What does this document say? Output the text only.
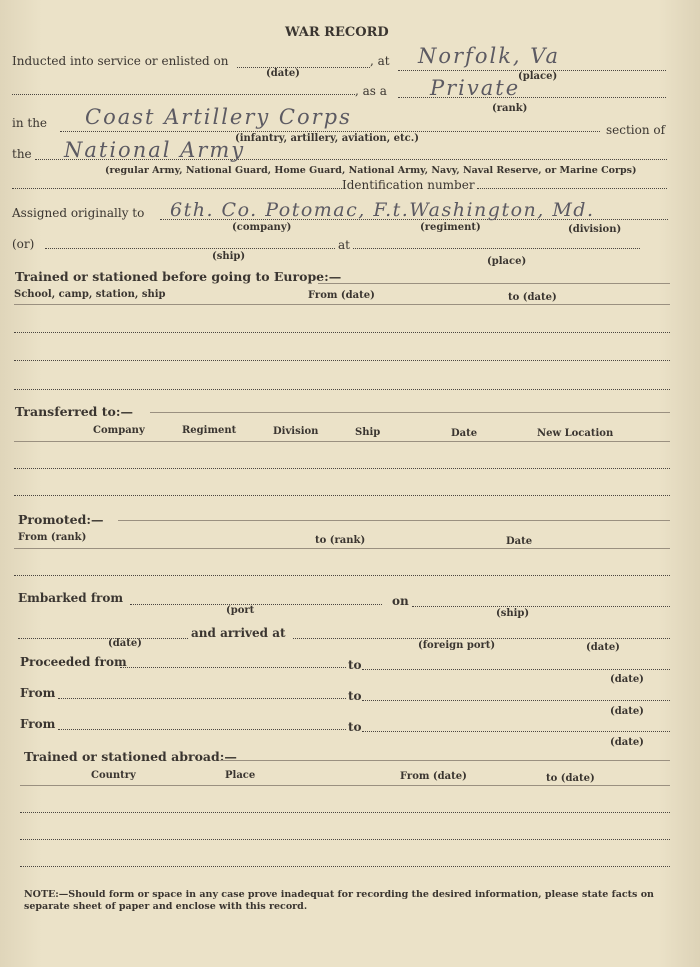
WAR RECORD
Inducted into service or enlisted on	, at Norfolk, Va
(date)	(place)
, as a Private
(rank)
in the Coast Artillery Corps
section of
(infantry, artillery, aviation, etc.)
the National Army
(regular Army, National Guard, Home Guard, National Army, Navy, Naval Reserve, or Marine Corps)
Identification number
Assigned originally to 6th. Co. Potomac, F.t.Washington, Md.
(company)	(regiment)	(division)
(or)	at
(ship)	(place)
Trained or stationed before going to Europe:—
School, camp, station, ship	From (date)	to (date)
Transferred to:—
Company	Regiment	Division	Ship	Date	New Location
Promoted:—
From (rank)	to (rank)	Date
Embarked from	on
(port	(ship)
and arrived at
(date)	(foreign port)	(date)
Proceeded from	to
(date)
From	to
(date)
From	to
(date)
Trained or stationed abroad:—
Country	Place	From (date)	to (date)
NOTE:—Should form or space in any case prove inadequat for recording the desired information, please state facts on separate sheet of paper and enclose with this record.
